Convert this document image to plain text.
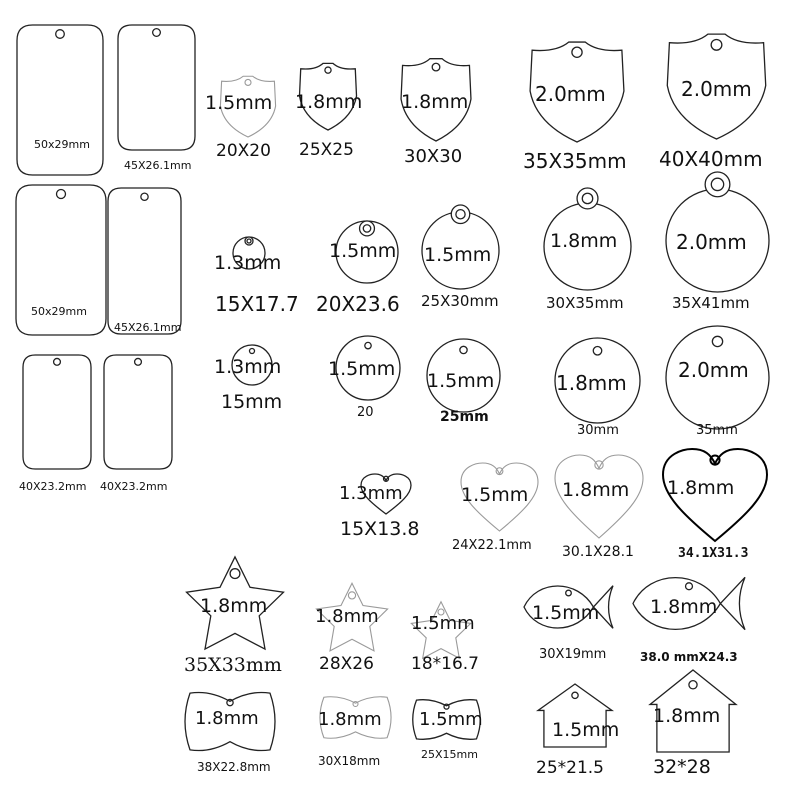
50x29mm
45X26.1mm
50x29mm
45X26.1mm
40X23.2mm 40X23.2mm
1.5mm
20X20
1.8mm
25X25
1.8mm
30X30
2.0mm
35X35mm
2.0mm
40X40mm
1.3mm
15X17.7
1.5mm
20X23.6
1.5mm
25X30mm
1.8mm
30X35mm
2.0mm
35X41mm
1.3mm
15mm
1.5mm
20
1.5mm
25mm
1.8mm
30mm
2.0mm
35mm
1.3mm
15X13.8
1.5mm
24X22.1mm
1.8mm
30.1X28.1
1.8mm
34.1X31.3
1.8mm
35X33mm
1.8mm
28X26
1.5mm
18*16.7
1.5mm
30X19mm
1.8mm
38.0 mmX24.3
1.8mm
38X22.8mm
1.8mm
30X18mm
1.5mm
25X15mm
1.5mm
25*21.5
1.8mm
32*28
